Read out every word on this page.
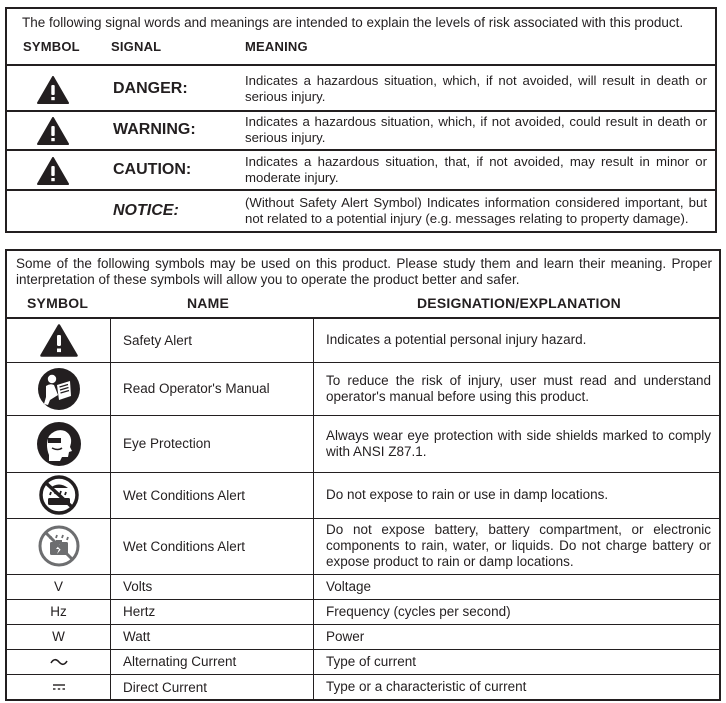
The following signal words and meanings are intended to explain the levels of risk associated with this product.
SYMBOL SIGNAL	MEANING
DANGER:	Indicates a hazardous situation, which, if not avoided, will result in death or serious injury.
WARNING:	Indicates a hazardous situation, which, if not avoided, could result in death or serious injury.
CAUTION:	Indicates a hazardous situation, that, if not avoided, may result in minor or moderate injury.
NOTICE:	(Without Safety Alert Symbol) Indicates information considered important, but not related to a potential injury (e.g. messages relating to property damage).
Some of the following symbols may be used on this product. Please study them and learn their meaning. Proper interpretation of these symbols will allow you to operate the product better and safer.
SYMBOL	NAME	DESIGNATION/EXPLANATION
	Safety Alert	Indicates a potential personal injury hazard.

	Read Operator's Manual	To reduce the risk of injury, user must read and understand operator's manual before using this product.

	Eye Protection	Always wear eye protection with side shields marked to comply with ANSI Z87.1.

	Wet Conditions Alert	Do not expose to rain or use in damp locations.

	Wet Conditions Alert	Do not expose battery, battery compartment, or electronic components to rain, water, or liquids. Do not charge battery or expose product to rain or damp locations.
V	Volts	Voltage
Hz	Hertz	Frequency (cycles per second)
W	Watt	Power

	Alternating Current	Type of current

	Direct Current	Type or a characteristic of current
